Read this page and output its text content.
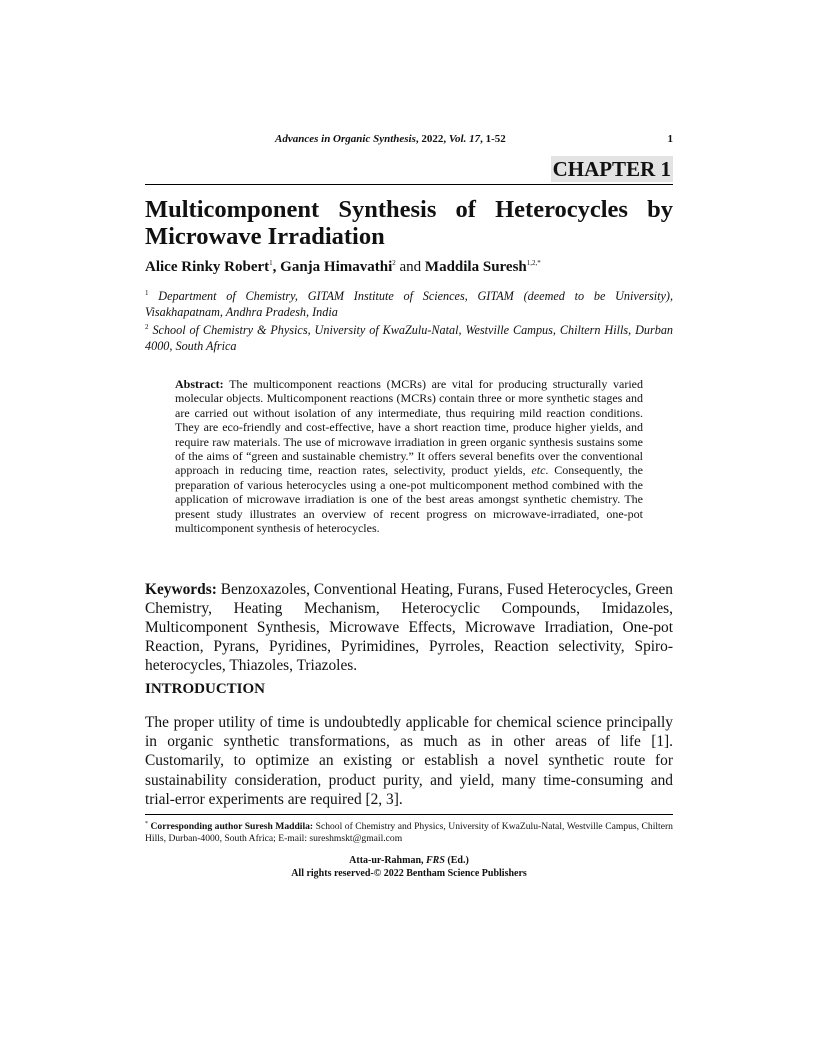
Advances in Organic Synthesis, 2022, Vol. 17, 1-52	1
CHAPTER 1
Multicomponent Synthesis of Heterocycles by Microwave Irradiation
Alice Rinky Robert$^1$, Ganja Himavathi$^2$ and Maddila Suresh$^{1,2,*}$
$^1$ Department of Chemistry, GITAM Institute of Sciences, GITAM (deemed to be University), Visakhapatnam, Andhra Pradesh, India
$^2$ School of Chemistry & Physics, University of KwaZulu-Natal, Westville Campus, Chiltern Hills, Durban 4000, South Africa
Abstract: The multicomponent reactions (MCRs) are vital for producing structurally varied molecular objects. Multicomponent reactions (MCRs) contain three or more synthetic stages and are carried out without isolation of any intermediate, thus requiring mild reaction conditions. They are eco-friendly and cost-effective, have a short reaction time, produce higher yields, and require raw materials. The use of microwave irradiation in green organic synthesis sustains some of the aims of “green and sustainable chemistry.” It offers several benefits over the conventional approach in reducing time, reaction rates, selectivity, product yields, etc. Consequently, the preparation of various heterocycles using a one-pot multicomponent method combined with the application of microwave irradiation is one of the best areas amongst synthetic chemistry. The present study illustrates an overview of recent progress on microwave-irradiated, one-pot multicomponent synthesis of heterocycles.
Keywords: Benzoxazoles, Conventional Heating, Furans, Fused Heterocycles, Green Chemistry, Heating Mechanism, Heterocyclic Compounds, Imidazoles, Multicomponent Synthesis, Microwave Effects, Microwave Irradiation, One-pot Reaction, Pyrans, Pyridines, Pyrimidines, Pyrroles, Reaction selectivity, Spiro-heterocycles, Thiazoles, Triazoles.
INTRODUCTION
The proper utility of time is undoubtedly applicable for chemical science principally in organic synthetic transformations, as much as in other areas of life [1]. Customarily, to optimize an existing or establish a novel synthetic route for sustainability consideration, product purity, and yield, many time-consuming and trial-error experiments are required [2, 3].
* Corresponding author Suresh Maddila: School of Chemistry and Physics, University of KwaZulu-Natal, Westville Campus, Chiltern Hills, Durban-4000, South Africa; E-mail: sureshmskt@gmail.com
Atta-ur-Rahman, FRS (Ed.)
All rights reserved-© 2022 Bentham Science Publishers
